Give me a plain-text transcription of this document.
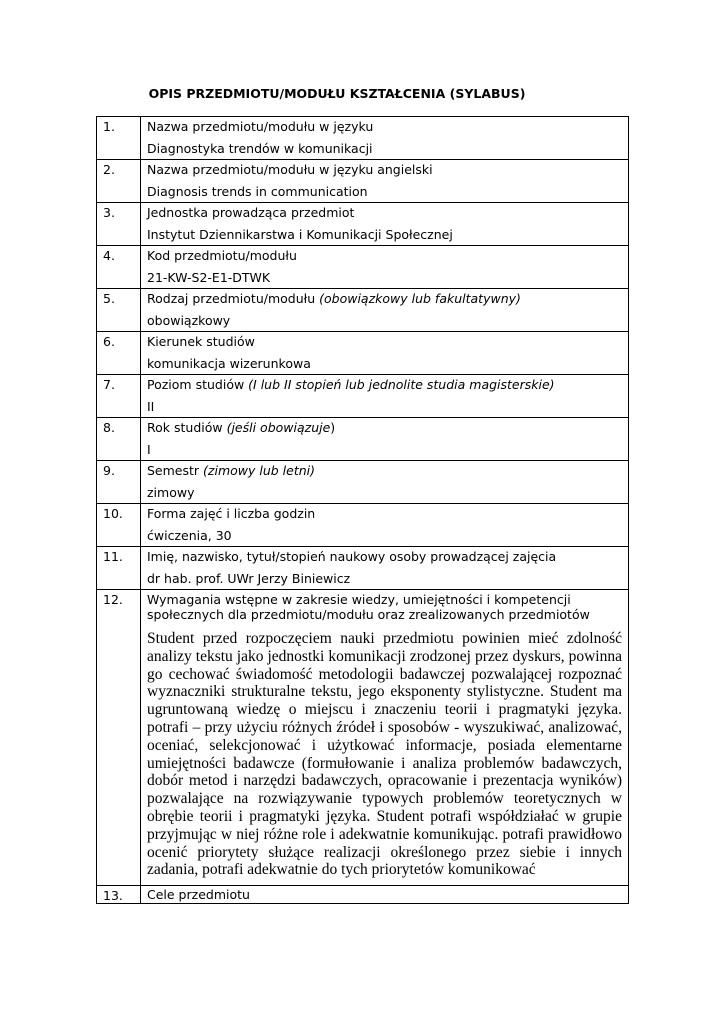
OPIS PRZEDMIOTU/MODUŁU KSZTAŁCENIA (SYLABUS)
1.	Nazwa przedmiotu/modułu w języku
Diagnostyka trendów w komunikacji

2.	Nazwa przedmiotu/modułu w języku angielski
Diagnosis trends in communication

3.	Jednostka prowadząca przedmiot
Instytut Dziennikarstwa i Komunikacji Społecznej

4.	Kod przedmiotu/modułu
21-KW-S2-E1-DTWK

5.	Rodzaj przedmiotu/modułu (obowiązkowy lub fakultatywny)
obowiązkowy

6.	Kierunek studiów
komunikacja wizerunkowa

7.	Poziom studiów (I lub II stopień lub jednolite studia magisterskie)
II

8.	Rok studiów (jeśli obowiązuje)
I

9.	Semestr (zimowy lub letni)
zimowy

10.	Forma zajęć i liczba godzin
ćwiczenia, 30

11.	Imię, nazwisko, tytuł/stopień naukowy osoby prowadzącej zajęcia
dr hab. prof. UWr Jerzy Biniewicz

12.	Wymagania wstępne w zakresie wiedzy, umiejętności i kompetencji społecznych dla przedmiotu/modułu oraz zrealizowanych przedmiotów
Student przed rozpoczęciem nauki przedmiotu powinien mieć zdolność analizy tekstu jako jednostki komunikacji zrodzonej przez dyskurs, powinna go cechować świadomość metodologii badawczej pozwalającej rozpoznać wyznaczniki strukturalne tekstu, jego eksponenty stylistyczne. Student ma ugruntowaną wiedzę o miejscu i znaczeniu teorii i pragmatyki języka. potrafi – przy użyciu różnych źródeł i sposobów - wyszukiwać, analizować, oceniać, selekcjonować i użytkować informacje, posiada elementarne umiejętności badawcze (formułowanie i analiza problemów badawczych, dobór metod i narzędzi badawczych, opracowanie i prezentacja wyników) pozwalające na rozwiązywanie typowych problemów teoretycznych w obrębie teorii i pragmatyki języka. Student potrafi współdziałać w grupie przyjmując w niej różne role i adekwatnie komunikując. potrafi prawidłowo ocenić priorytety służące realizacji określonego przez siebie i innych zadania, potrafi adekwatnie do tych priorytetów komunikować

13.	Cele przedmiotu
